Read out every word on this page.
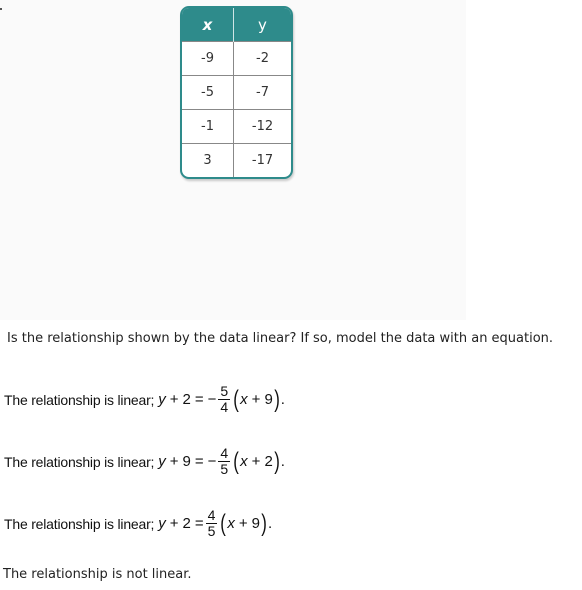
x	y
-9	-2
-5	-7
-1	-12
3	-17
Is the relationship shown by the data linear? If so, model the data with an equation.
The relationship is linear; y + 2 = − $\frac{5}{4}$ ( x + 9 ) .
The relationship is linear; y + 9 = − $\frac{4}{5}$ ( x + 2 ) .
The relationship is linear; $y + 2 = \frac{4}{5}$ ( x + 9 ) .
The relationship is not linear.
